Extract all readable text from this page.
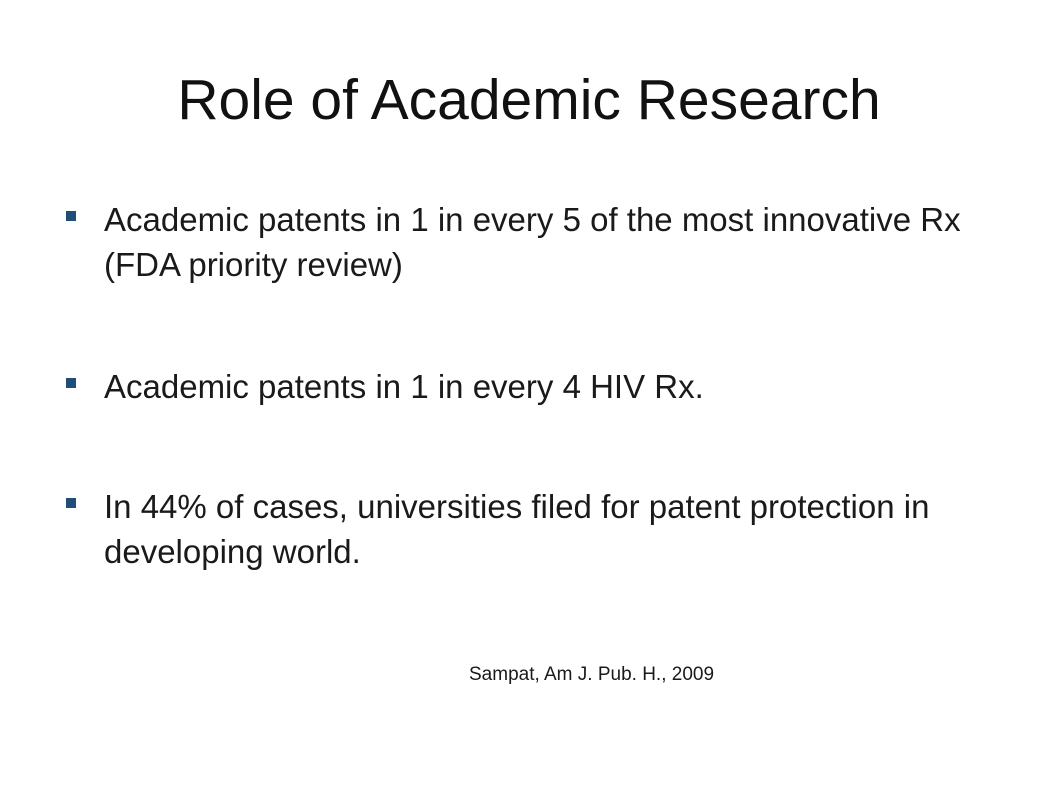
Role of Academic Research
Academic patents in 1 in every 5 of the most innovative Rx (FDA priority review)
Academic patents in 1 in every 4 HIV Rx.
In 44% of cases, universities filed for patent protection in developing world.
Sampat, Am J. Pub. H., 2009
